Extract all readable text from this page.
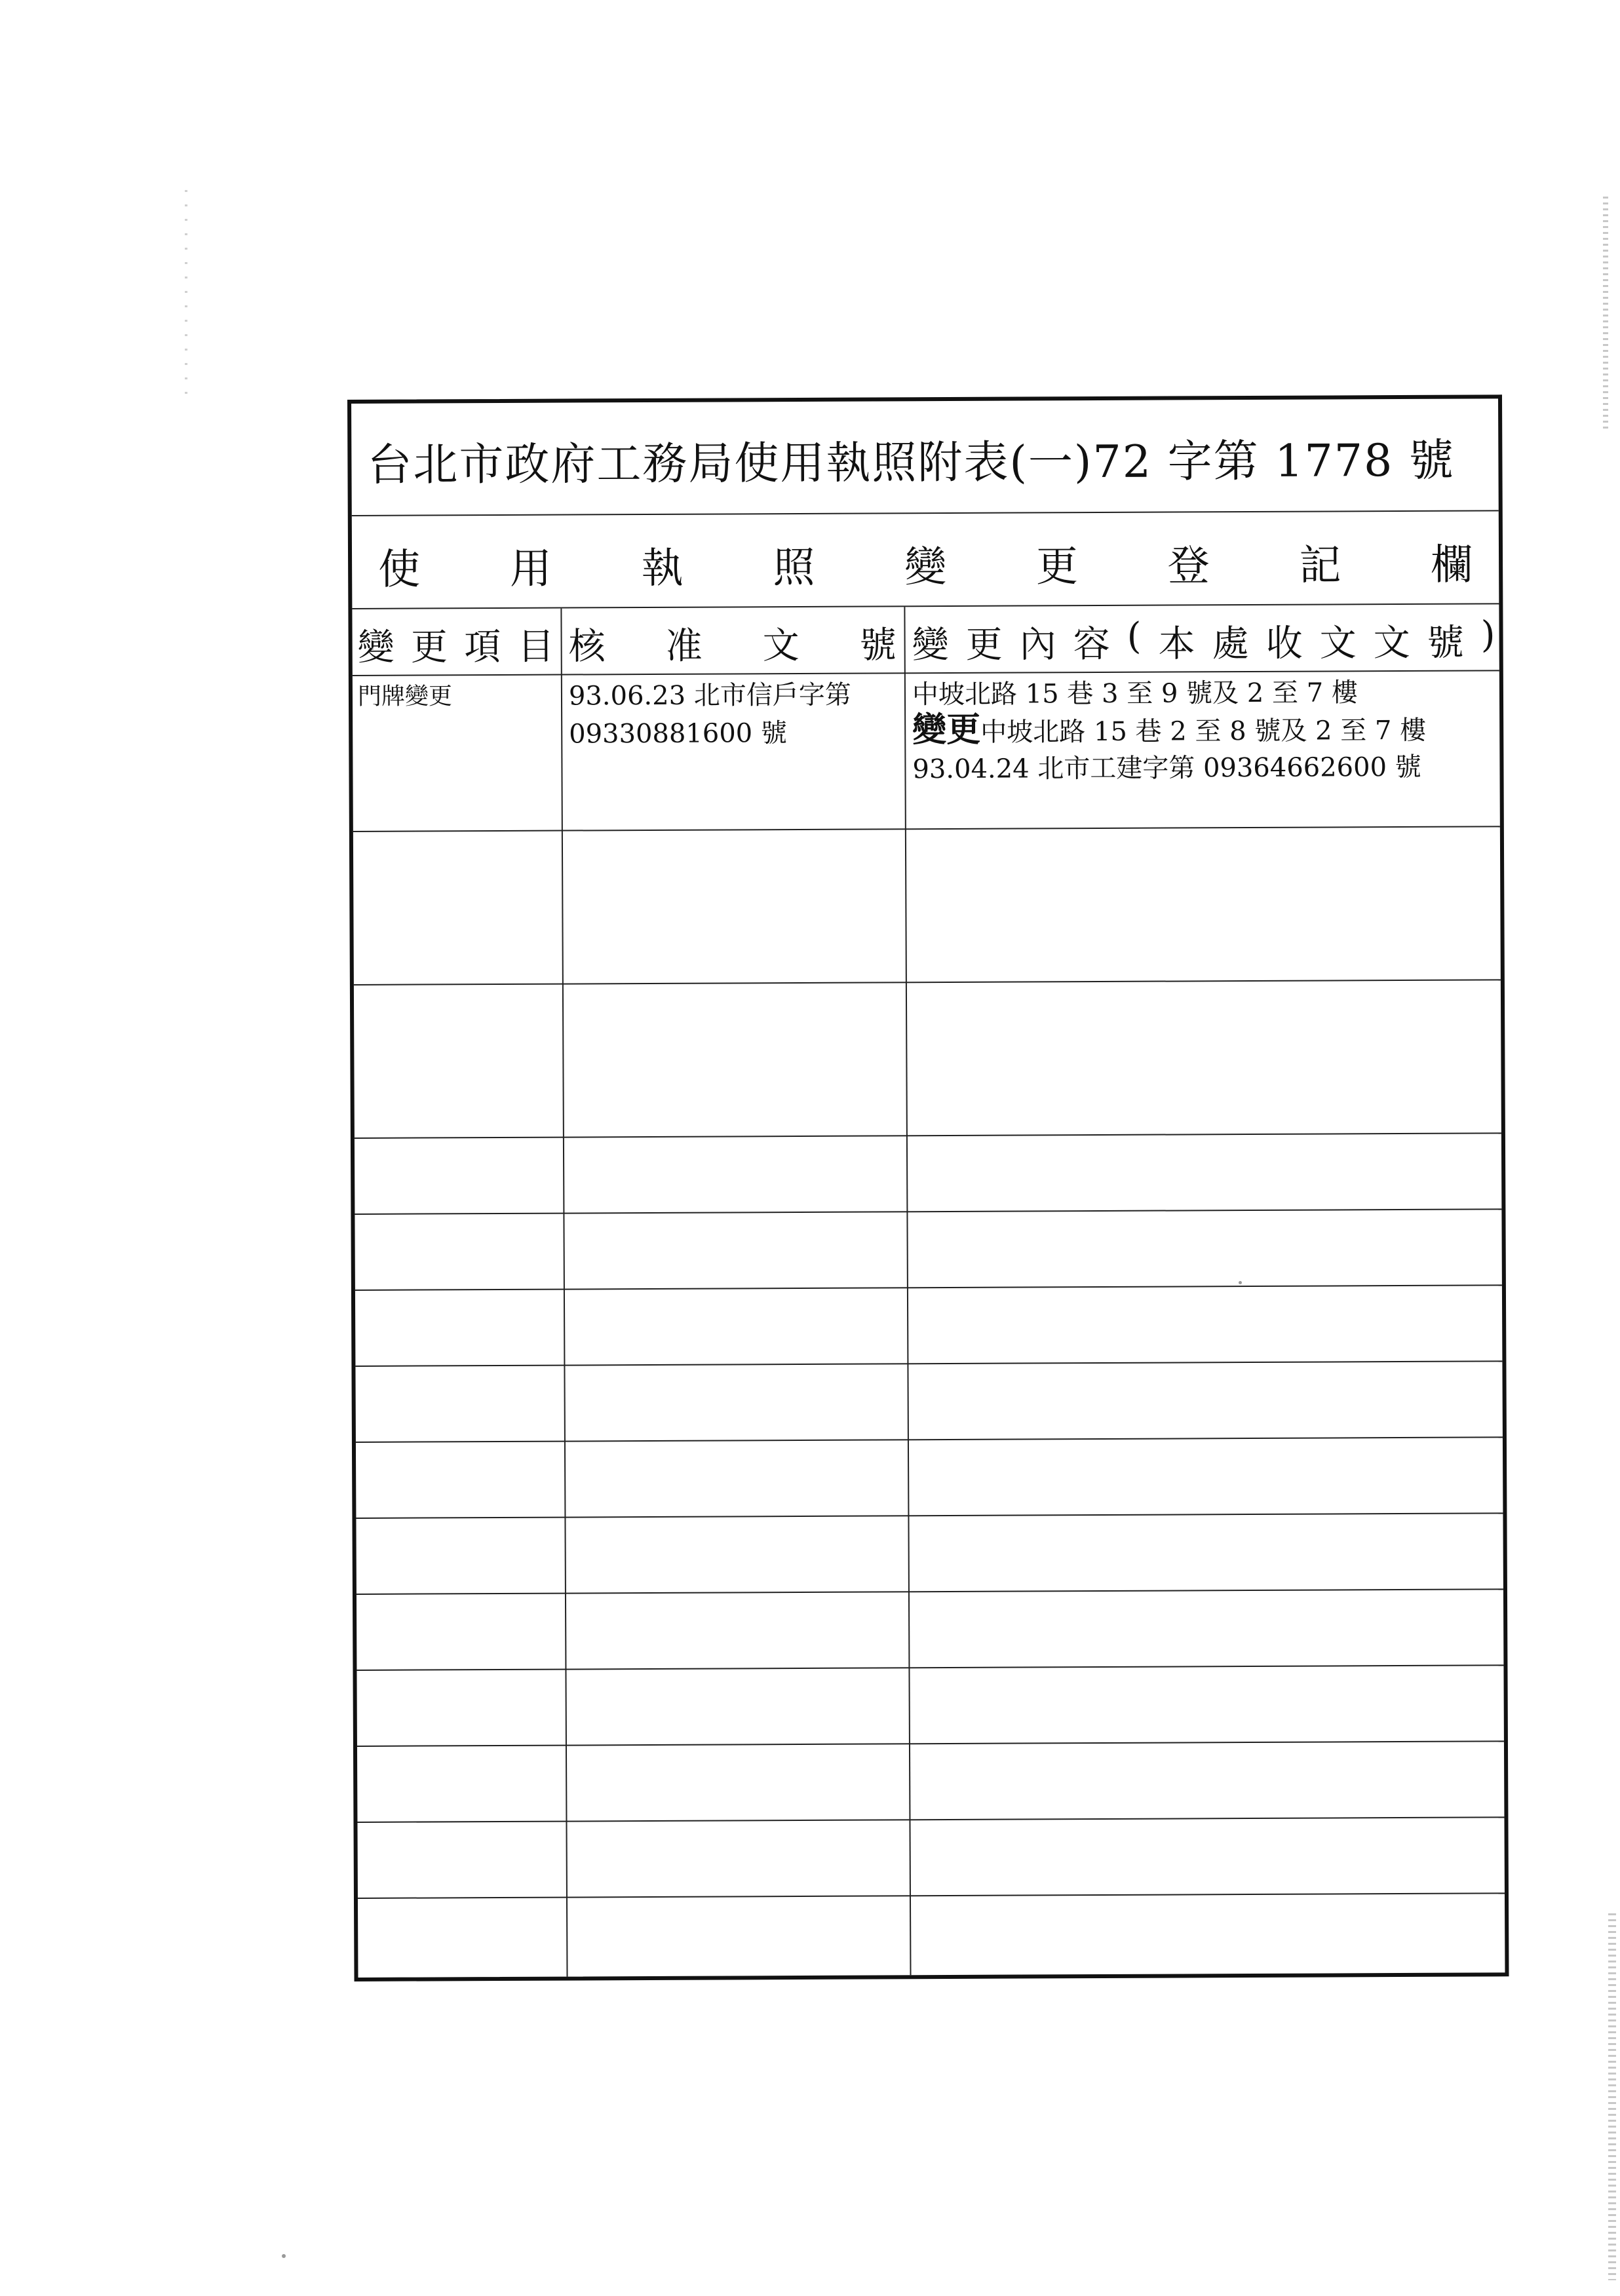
台北市政府工務局使用執照附表(一)72 字第 1778 號
使 用 執 照 變 更 登 記 欄
變 更 項 目 核 准 文 號 變 更 內 容 ( 本 處 收 文 文 號 )
門牌變更	93.06.23 北市信戶字第
09330881600 號
中坡北路 15 巷 3 至 9 號及 2 至 7 樓
變更中坡北路 15 巷 2 至 8 號及 2 至 7 樓
93.04.24 北市工建字第 09364662600 號
